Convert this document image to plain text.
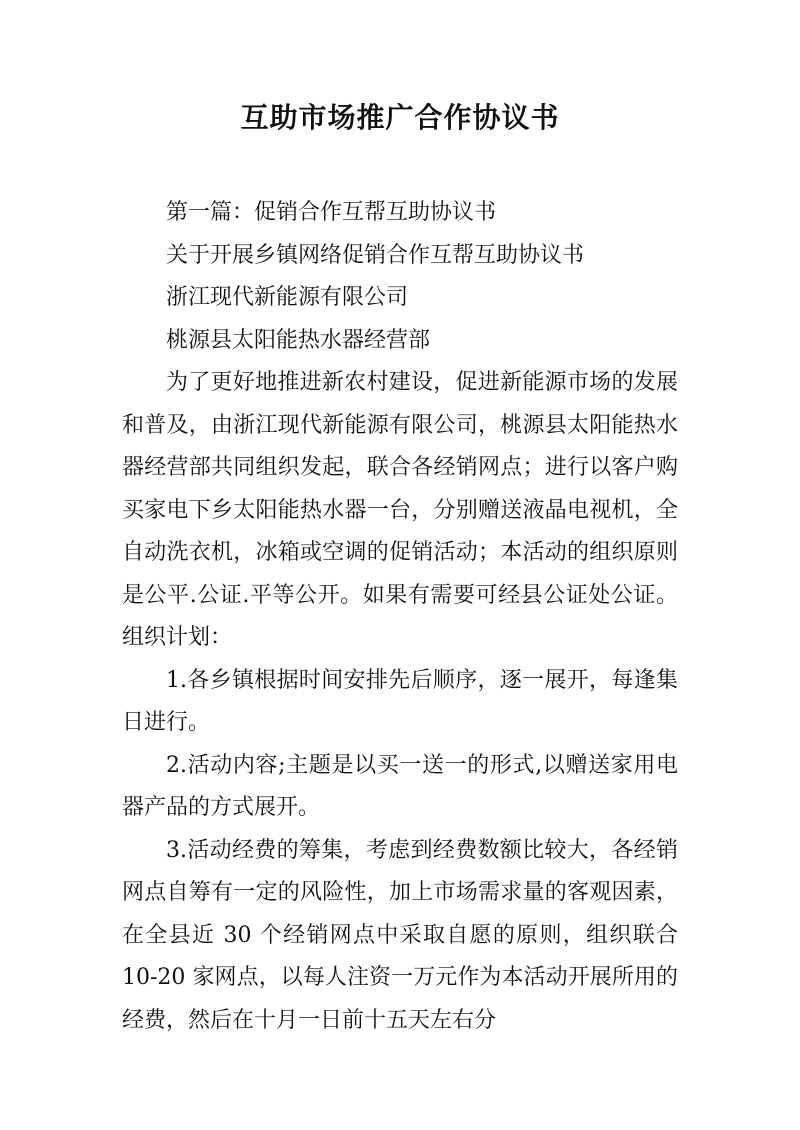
互助市场推广合作协议书
第一篇：促销合作互帮互助协议书
关于开展乡镇网络促销合作互帮互助协议书
浙江现代新能源有限公司
桃源县太阳能热水器经营部

为了更好地推进新农村建设，促进新能源市场的发展和普及，由浙江现代新能源有限公司，桃源县太阳能热水器经营部共同组织发起，联合各经销网点；进行以客户购买家电下乡太阳能热水器一台，分别赠送液晶电视机，全自动洗衣机，冰箱或空调的促销活动；本活动的组织原则是公平.公证.平等公开。如果有需要可经县公证处公证。 组织计划：

1.各乡镇根据时间安排先后顺序，逐一展开，每逢集日进行。

2.活动内容;主题是以买一送一的形式,以赠送家用电器产品的方式展开。

3.活动经费的筹集，考虑到经费数额比较大，各经销网点自筹有一定的风险性，加上市场需求量的客观因素，在全县近 30 个经销网点中采取自愿的原则，组织联合 10-20 家网点，以每人注资一万元作为本活动开展所用的经费，然后在十月一日前十五天左右分
